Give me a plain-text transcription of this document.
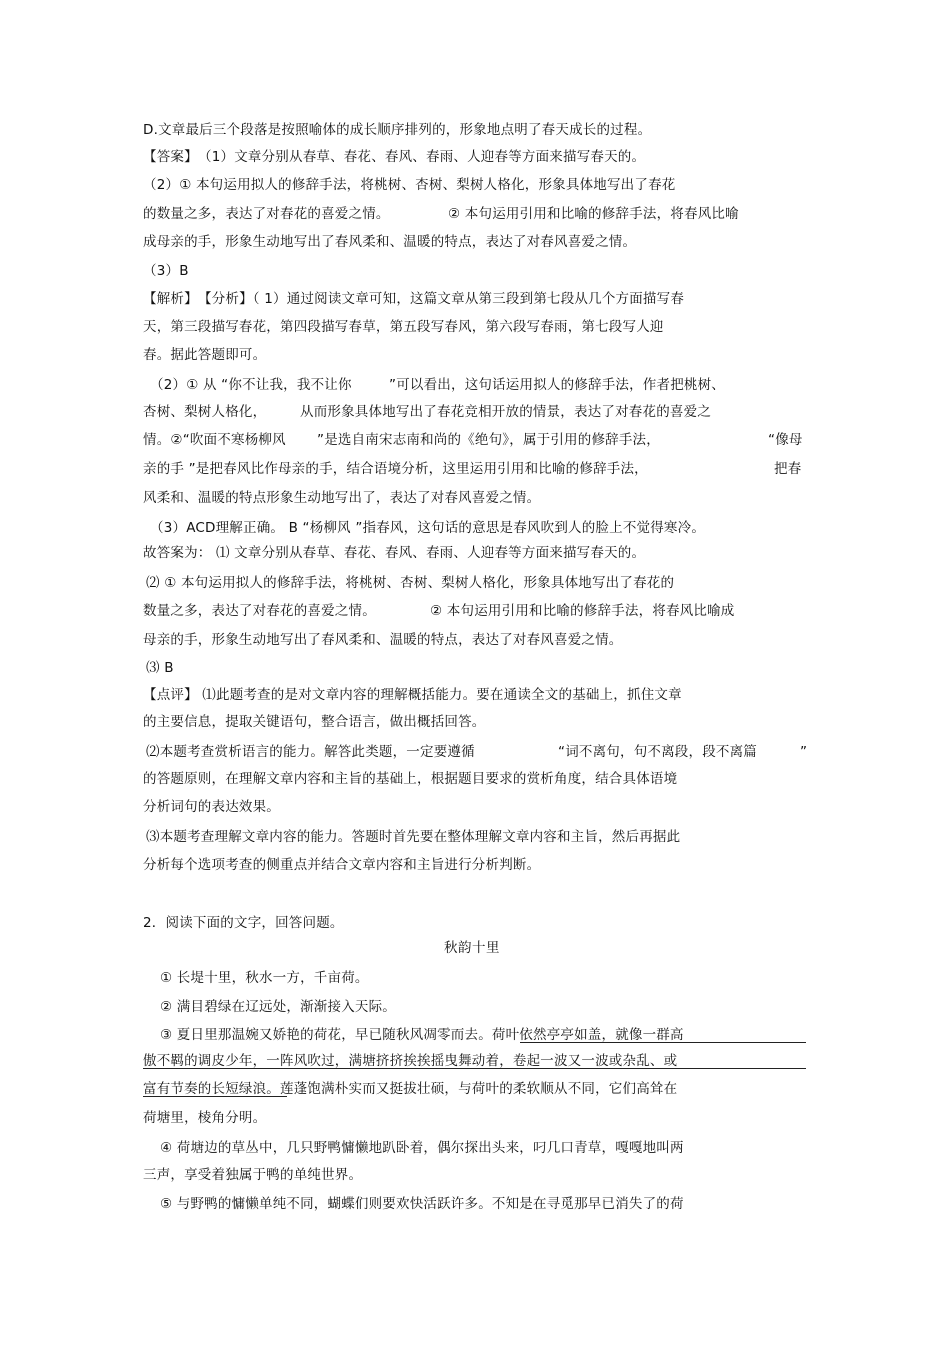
D.文章最后三个段落是按照喻体的成长顺序排列的，形象地点明了春天成长的过程。
【答案】　（1）文章分别从春草、春花、春风、春雨、人迎春等方面来描写春天的。
（2）① 本句运用拟人的修辞手法，将桃树、杏树、梨树人格化，形象具体地写出了春花
的数量之多，表达了对春花的喜爱之情。	② 本句运用引用和比喻的修辞手法，将春风比喻
成母亲的手，形象生动地写出了春风柔和、温暖的特点，表达了对春风喜爱之情。
（3）B
【解析】　【分析】（ 1）通过阅读文章可知，这篇文章从第三段到第七段从几个方面描写春
天，第三段描写春花，第四段描写春草，第五段写春风，第六段写春雨，第七段写人迎
春。据此答题即可。
（2）① 从 “你不让我，我不让你	”可以看出，这句话运用拟人的修辞手法，作者把桃树、
杏树、梨树人格化， 从而形象具体地写出了春花竞相开放的情景，表达了对春花的喜爱之
情。②“吹面不寒杨柳风 ”是选自南宋志南和尚的《绝句》，属于引用的修辞手法，	“像母
亲的手 ”是把春风比作母亲的手，结合语境分析，这里运用引用和比喻的修辞手法，	把春
风柔和、温暖的特点形象生动地写出了，表达了对春风喜爱之情。
（3）ACD理解正确。 B “杨柳风 ”指春风，这句话的意思是春风吹到人的脸上不觉得寒冷。
故答案为： ⑴ 文章分别从春草、春花、春风、春雨、人迎春等方面来描写春天的。
⑵ ① 本句运用拟人的修辞手法，将桃树、杏树、梨树人格化，形象具体地写出了春花的
数量之多，表达了对春花的喜爱之情。	② 本句运用引用和比喻的修辞手法，将春风比喻成
母亲的手，形象生动地写出了春风柔和、温暖的特点，表达了对春风喜爱之情。
⑶ B
【点评】 ⑴此题考查的是对文章内容的理解概括能力。要在通读全文的基础上，抓住文章
的主要信息，提取关键语句，整合语言，做出概括回答。
⑵本题考查赏析语言的能力。解答此类题，一定要遵循	“词不离句，句不离段，段不离篇	”
的答题原则，在理解文章内容和主旨的基础上，根据题目要求的赏析角度，结合具体语境
分析词句的表达效果。
⑶本题考查理解文章内容的能力。答题时首先要在整体理解文章内容和主旨，然后再据此
分析每个选项考查的侧重点并结合文章内容和主旨进行分析判断。
2．阅读下面的文字，回答问题。
秋韵十里
① 长堤十里，秋水一方，千亩荷。
② 满目碧绿在辽远处，渐渐接入天际。
③ 夏日里那温婉又娇艳的荷花，早已随秋风凋零而去。荷叶依然亭亭如盖，就像一群高
傲不羁的调皮少年，一阵风吹过，满塘挤挤挨挨摇曳舞动着，卷起一波又一波或杂乱、或
富有节奏的长短绿浪。莲蓬饱满朴实而又挺拔壮硕，与荷叶的柔软顺从不同，它们高耸在
荷塘里，棱角分明。
④ 荷塘边的草丛中，几只野鸭慵懒地趴卧着，偶尔探出头来，叼几口青草，嘎嘎地叫两
三声，享受着独属于鸭的单纯世界。
⑤ 与野鸭的慵懒单纯不同，蝴蝶们则要欢快活跃许多。不知是在寻觅那早已消失了的荷
